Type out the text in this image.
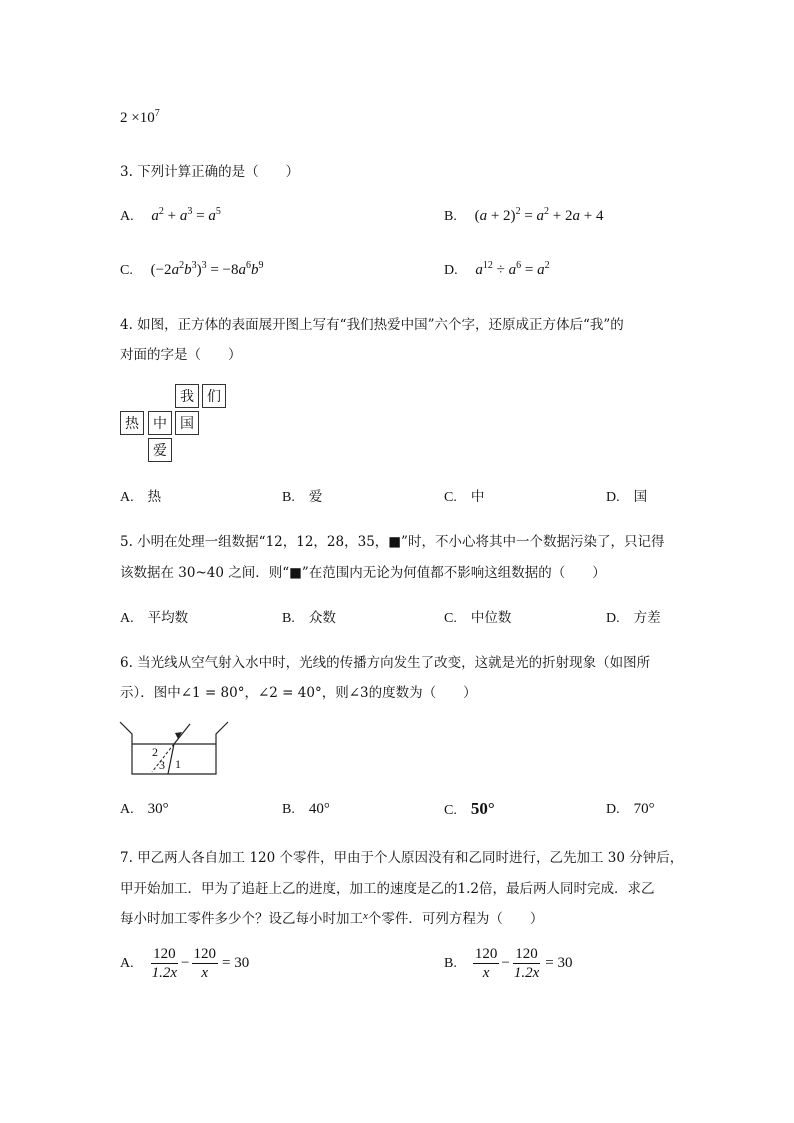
$2 \times 10^7$
3. 下列计算正确的是（　　）
A. $a^2 + a^3 = a^5$	B. $(a + 2)^2 = a^2 + 2a + 4$
C. $(-2a^2b^3)^3 = -8a^6b^9$	D. $a^{12} \div a^6 = a^2$
4. 如图，正方体的表面展开图上写有“我们热爱中国”六个字，还原成正方体后“我”的
对面的字是（　　）
我 们
热	中 国
爱
A. 热	B. 爱	C. 中	D. 国
5. 小明在处理一组数据“12，12，28，35，■”时，不小心将其中一个数据污染了，只记得
该数据在 30~40 之间．则“■”在范围内无论为何值都不影响这组数据的（　　）
A. 平均数	B. 众数	C. 中位数	D. 方差
6. 当光线从空气射入水中时，光线的传播方向发生了改变，这就是光的折射现象（如图所
示）．图中∠1 = 80°，∠2 = 40°，则∠3的度数为（　　）
2
3 1
A. 30°	B. 40°	C. 50°	D. 70°
7. 甲乙两人各自加工 120 个零件，甲由于个人原因没有和乙同时进行，乙先加工 30 分钟后，
甲开始加工．甲为了追赶上乙的进度，加工的速度是乙的1.2倍，最后两人同时完成．求乙
每小时加工零件多少个？设乙每小时加工$^x$个零件．可列方程为（　　）
A. $\frac{120}{1.2x} - \frac{120}{x} = 30$	B. $\frac{120}{x} - \frac{120}{1.2x} = 30$
